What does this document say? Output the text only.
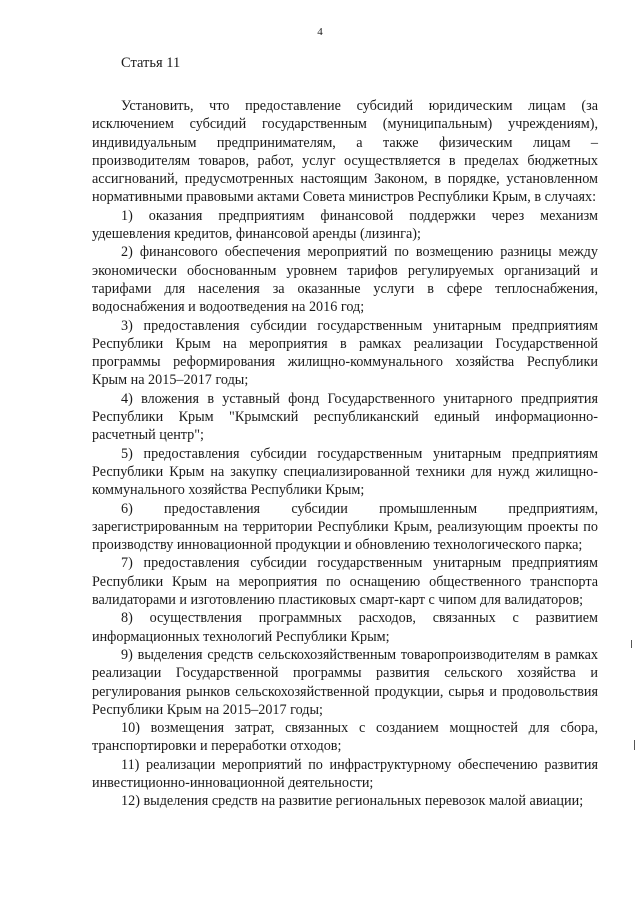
4
Статья 11

Установить, что предоставление субсидий юридическим лицам (за исключением субсидий государственным (муниципальным) учреждениям), индивидуальным предпринимателям, а также физическим лицам – производителям товаров, работ, услуг осуществляется в пределах бюджетных ассигнований, предусмотренных настоящим Законом, в порядке, установленном нормативными правовыми актами Совета министров Республики Крым, в случаях:

1) оказания предприятиям финансовой поддержки через механизм удешевления кредитов, финансовой аренды (лизинга);

2) финансового обеспечения мероприятий по возмещению разницы между экономически обоснованным уровнем тарифов регулируемых организаций и тарифами для населения за оказанные услуги в сфере теплоснабжения, водоснабжения и водоотведения на 2016 год;

3) предоставления субсидии государственным унитарным предприятиям Республики Крым на мероприятия в рамках реализации Государственной программы реформирования жилищно-коммунального хозяйства Республики Крым на 2015–2017 годы;

4) вложения в уставный фонд Государственного унитарного предприятия Республики Крым "Крымский республиканский единый информационно-расчетный центр";

5) предоставления субсидии государственным унитарным предприятиям Республики Крым на закупку специализированной техники для нужд жилищно-коммунального хозяйства Республики Крым;

6) предоставления субсидии промышленным предприятиям, зарегистрированным на территории Республики Крым, реализующим проекты по производству инновационной продукции и обновлению технологического парка;

7) предоставления субсидии государственным унитарным предприятиям Республики Крым на мероприятия по оснащению общественного транспорта валидаторами и изготовлению пластиковых смарт-карт с чипом для валидаторов;

8) осуществления программных расходов, связанных с развитием информационных технологий Республики Крым;

9) выделения средств сельскохозяйственным товаропроизводителям в рамках реализации Государственной программы развития сельского хозяйства и регулирования рынков сельскохозяйственной продукции, сырья и продовольствия Республики Крым на 2015–2017 годы;

10) возмещения затрат, связанных с созданием мощностей для сбора, транспортировки и переработки отходов;

11) реализации мероприятий по инфраструктурному обеспечению развития инвестиционно-инновационной деятельности;

12) выделения средств на развитие региональных перевозок малой авиации;
